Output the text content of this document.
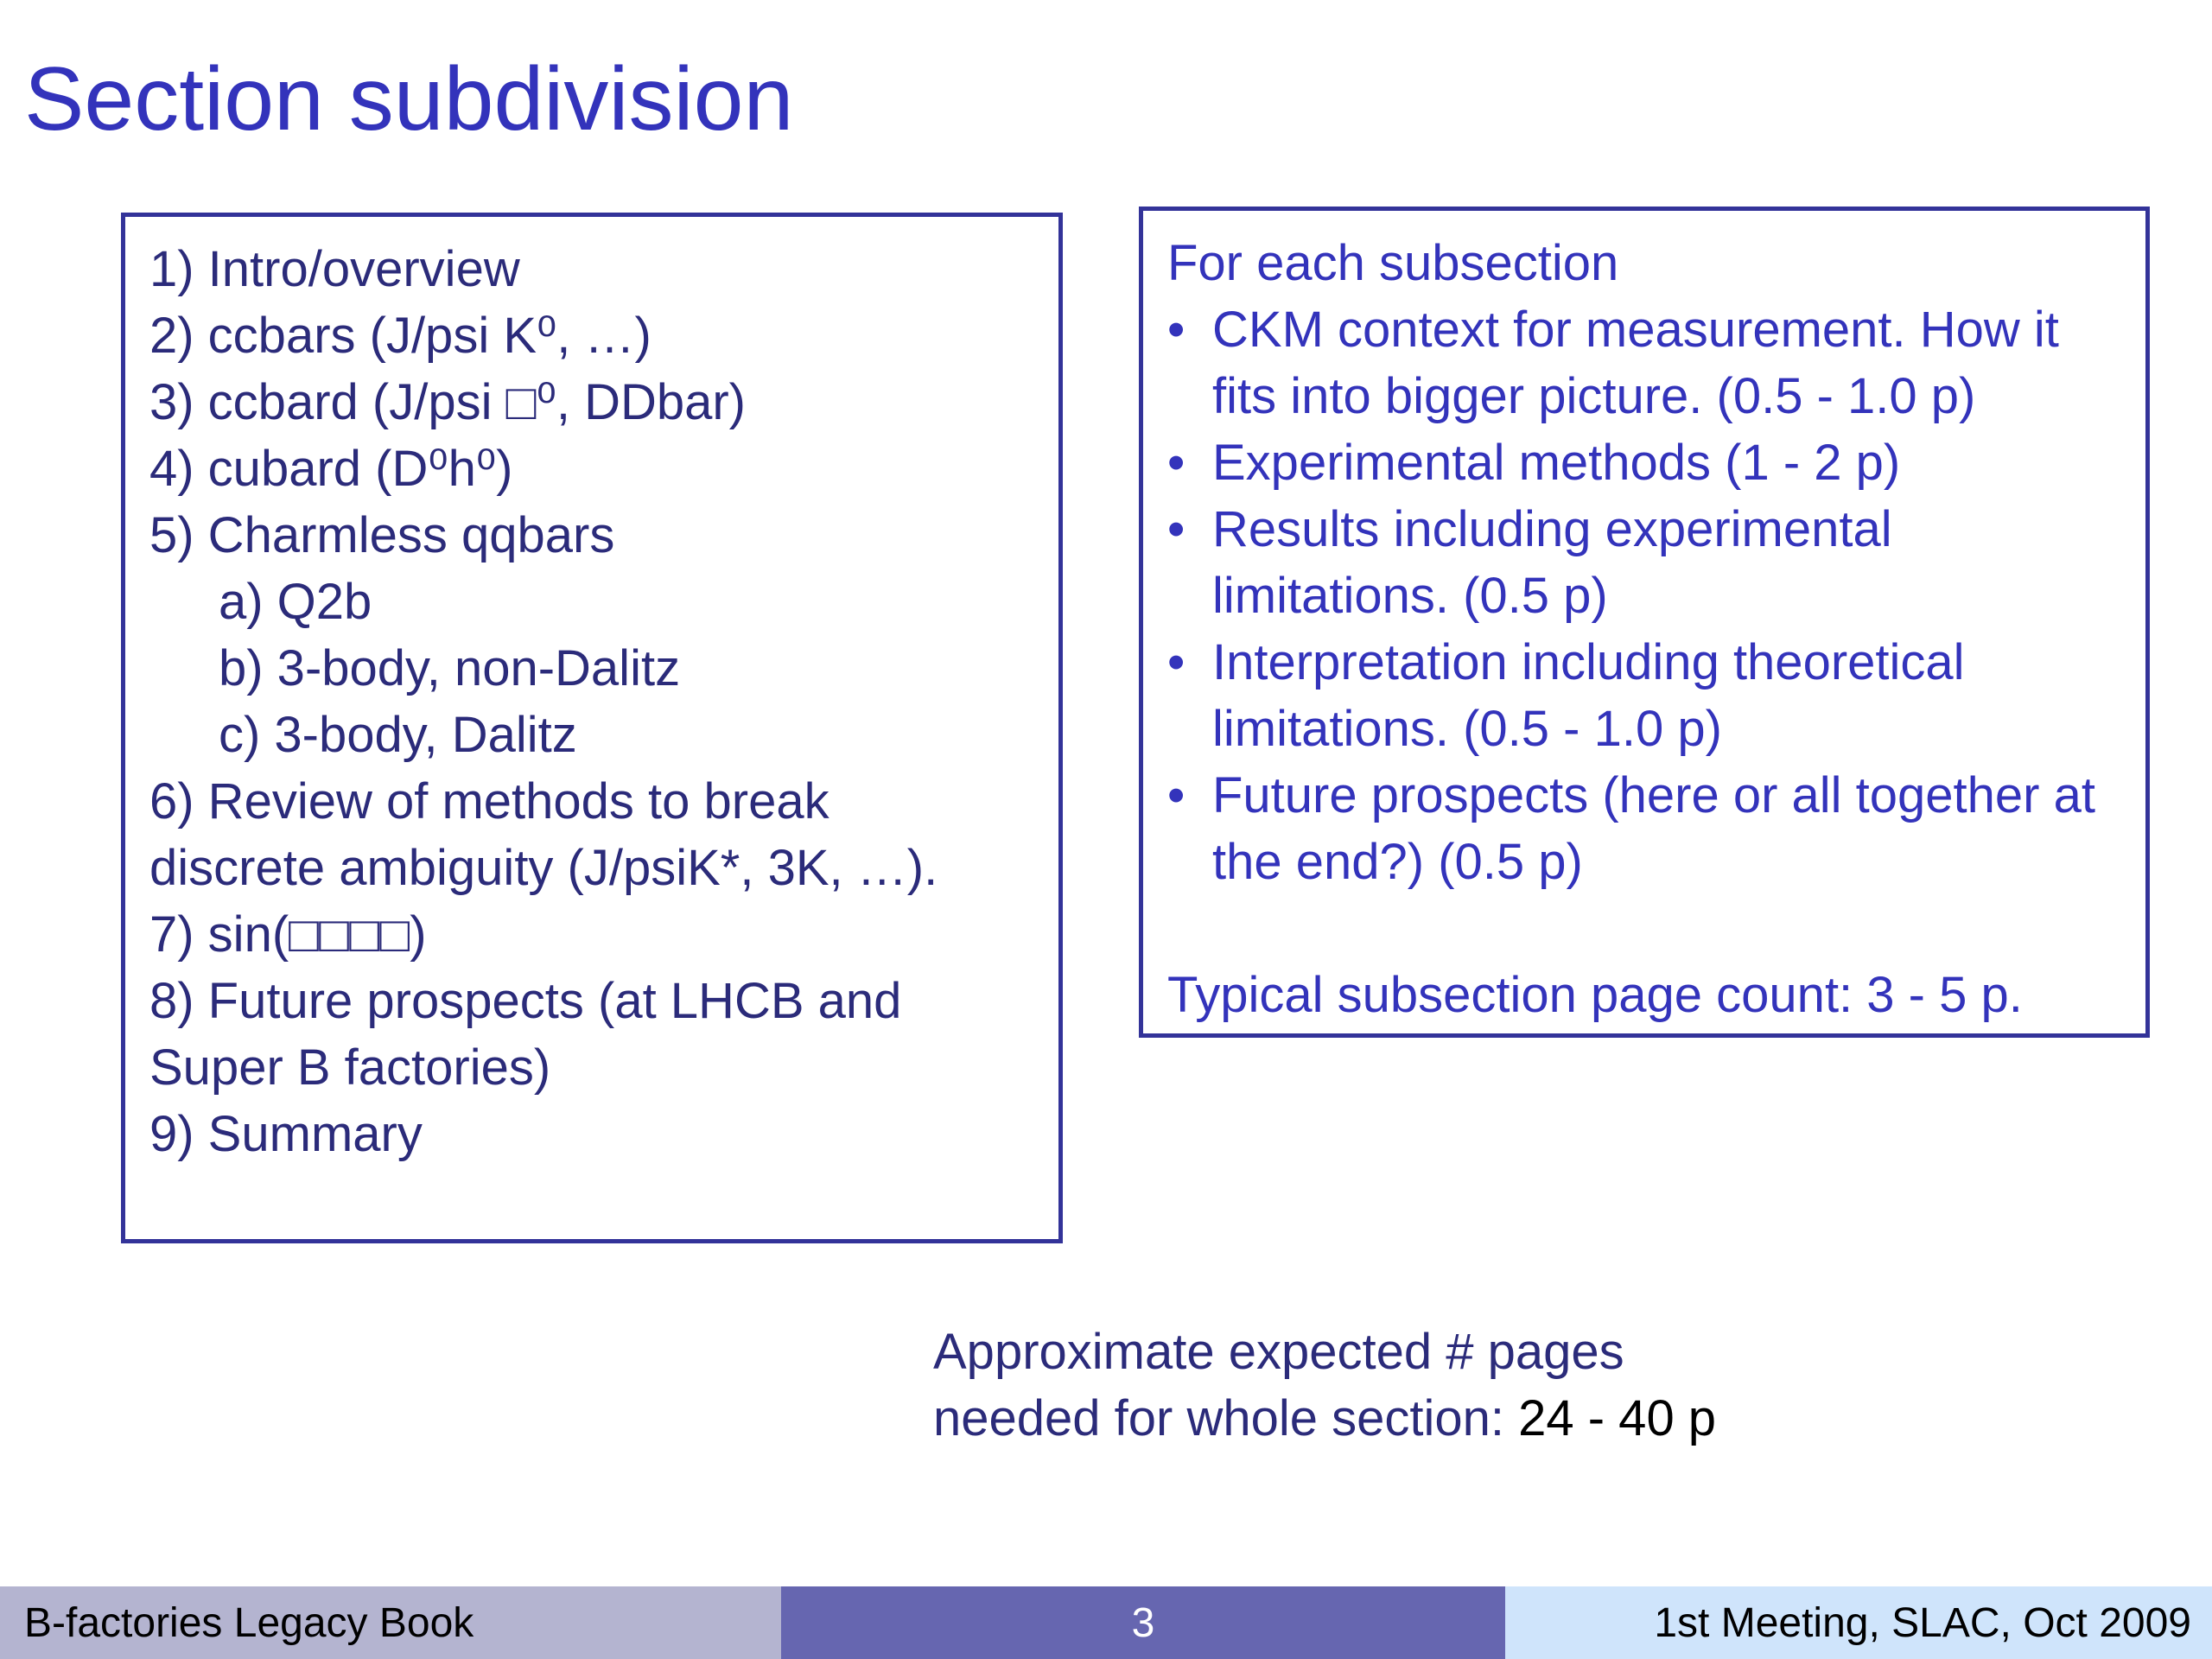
Section subdivision
1) Intro/overview
2) ccbars (J/psi K⁰, …)
3) ccbard (J/psi □⁰, DDbar)
4) cubard (D⁰h⁰)
5) Charmless qqbars
a) Q2b
b) 3-body, non-Dalitz
c) 3-body, Dalitz
6) Review of methods to break
discrete ambiguity (J/psiK*, 3K, …).
7) sin(□□□□)
8) Future prospects (at LHCB and
Super B factories)
9) Summary
For each subsection
• CKM context for measurement. How it fits into bigger picture. (0.5 - 1.0 p)
• Experimental methods (1 - 2 p)
• Results including experimental limitations. (0.5 p)
• Interpretation including theoretical limitations. (0.5 - 1.0 p)
• Future prospects (here or all together at the end?) (0.5 p)
Typical subsection page count: 3 - 5 p.
Approximate expected # pages
needed for whole section: 24 - 40 p
B-factories Legacy Book	3	1st Meeting, SLAC, Oct 2009
